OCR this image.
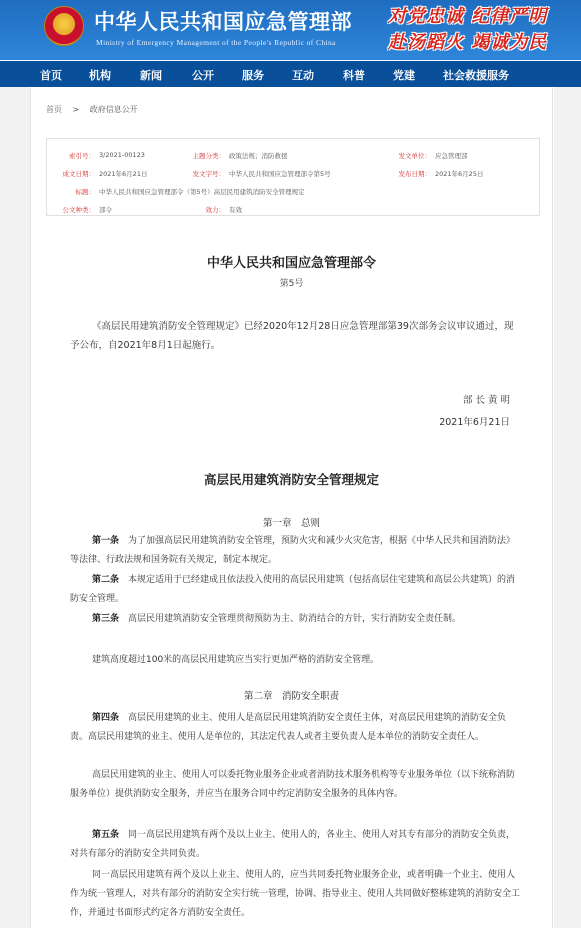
中华人民共和国应急管理部
Ministry of Emergency Management of the People's Republic of China
对党忠诚 纪律严明
赴汤蹈火 竭诚为民
首页 机构	新闻	公开	服务	互动	科普	党建	社会救援服务
首页 > 政府信息公开
索引号： 3/2021-00123	主题分类： 政策法规；消防救援	发文单位： 应急管理部
成文日期： 2021年6月21日	发文字号： 中华人民共和国应急管理部令第5号	发布日期： 2021年6月25日
标题： 中华人民共和国应急管理部令（第5号）高层民用建筑消防安全管理规定
公文种类： 部令	效力： 有效
中华人民共和国应急管理部令
第5号
《高层民用建筑消防安全管理规定》已经2020年12月28日应急管理部第39次部务会议审议通过，现予公布，自2021年8月1日起施行。
部 长 黄 明
2021年6月21日
高层民用建筑消防安全管理规定
第一章　总则
第一条　为了加强高层民用建筑消防安全管理，预防火灾和减少火灾危害，根据《中华人民共和国消防法》等法律、行政法规和国务院有关规定，制定本规定。
第二条　本规定适用于已经建成且依法投入使用的高层民用建筑（包括高层住宅建筑和高层公共建筑）的消防安全管理。
第三条　高层民用建筑消防安全管理贯彻预防为主、防消结合的方针，实行消防安全责任制。
建筑高度超过100米的高层民用建筑应当实行更加严格的消防安全管理。
第二章　消防安全职责
第四条　高层民用建筑的业主、使用人是高层民用建筑消防安全责任主体，对高层民用建筑的消防安全负责。高层民用建筑的业主、使用人是单位的，其法定代表人或者主要负责人是本单位的消防安全责任人。
高层民用建筑的业主、使用人可以委托物业服务企业或者消防技术服务机构等专业服务单位（以下统称消防服务单位）提供消防安全服务，并应当在服务合同中约定消防安全服务的具体内容。
第五条　同一高层民用建筑有两个及以上业主、使用人的，各业主、使用人对其专有部分的消防安全负责，对共有部分的消防安全共同负责。
同一高层民用建筑有两个及以上业主、使用人的，应当共同委托物业服务企业，或者明确一个业主、使用人作为统一管理人，对共有部分的消防安全实行统一管理，协调、指导业主、使用人共同做好整栋建筑的消防安全工作，并通过书面形式约定各方消防安全责任。
